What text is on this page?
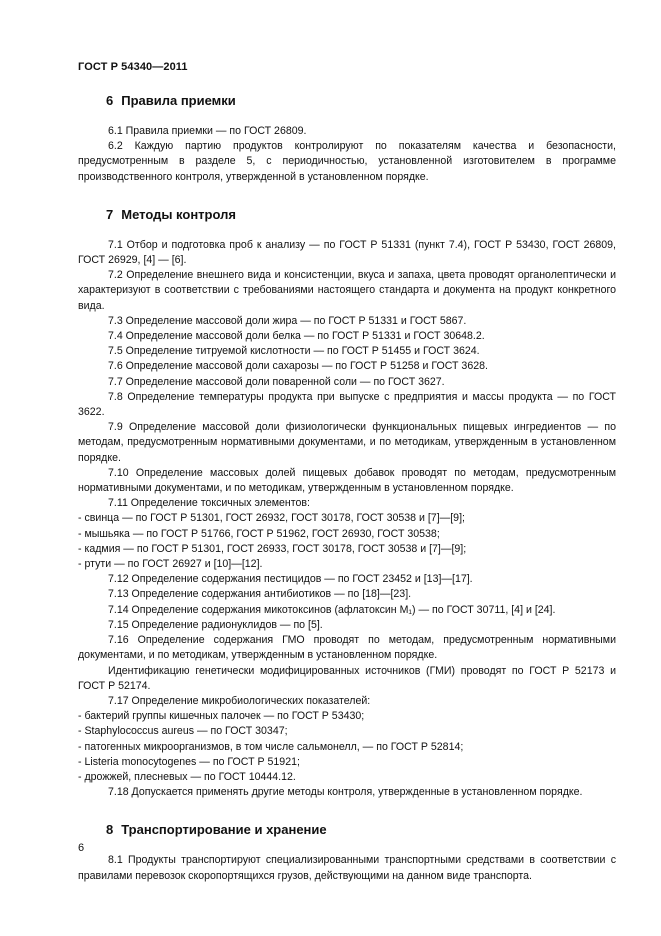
ГОСТ Р 54340—2011
6 Правила приемки

6.1 Правила приемки — по ГОСТ 26809.

6.2 Каждую партию продуктов контролируют по показателям качества и безопасности, предусмотренным в разделе 5, с периодичностью, установленной изготовителем в программе производственного контроля, утвержденной в установленном порядке.

7 Методы контроля

7.1 Отбор и подготовка проб к анализу — по ГОСТ Р 51331 (пункт 7.4), ГОСТ Р 53430, ГОСТ 26809, ГОСТ 26929, [4] — [6].

7.2 Определение внешнего вида и консистенции, вкуса и запаха, цвета проводят органолептически и характеризуют в соответствии с требованиями настоящего стандарта и документа на продукт конкретного вида.

7.3 Определение массовой доли жира — по ГОСТ Р 51331 и ГОСТ 5867.

7.4 Определение массовой доли белка — по ГОСТ Р 51331 и ГОСТ 30648.2.

7.5 Определение титруемой кислотности — по ГОСТ Р 51455 и ГОСТ 3624.

7.6 Определение массовой доли сахарозы — по ГОСТ Р 51258 и ГОСТ 3628.

7.7 Определение массовой доли поваренной соли — по ГОСТ 3627.

7.8 Определение температуры продукта при выпуске с предприятия и массы продукта — по ГОСТ 3622.

7.9 Определение массовой доли физиологически функциональных пищевых ингредиентов — по методам, предусмотренным нормативными документами, и по методикам, утвержденным в установленном порядке.

7.10 Определение массовых долей пищевых добавок проводят по методам, предусмотренным нормативными документами, и по методикам, утвержденным в установленном порядке.

7.11 Определение токсичных элементов:

- свинца — по ГОСТ Р 51301, ГОСТ 26932, ГОСТ 30178, ГОСТ 30538 и [7]—[9];

- мышьяка — по ГОСТ Р 51766, ГОСТ Р 51962, ГОСТ 26930, ГОСТ 30538;

- кадмия — по ГОСТ Р 51301, ГОСТ 26933, ГОСТ 30178, ГОСТ 30538 и [7]—[9];

- ртути — по ГОСТ 26927 и [10]—[12].

7.12 Определение содержания пестицидов — по ГОСТ 23452 и [13]—[17].

7.13 Определение содержания антибиотиков — по [18]—[23].

7.14 Определение содержания микотоксинов (афлатоксин M₁) — по ГОСТ 30711, [4] и [24].

7.15 Определение радионуклидов — по [5].

7.16 Определение содержания ГМО проводят по методам, предусмотренным нормативными документами, и по методикам, утвержденным в установленном порядке.

Идентификацию генетически модифицированных источников (ГМИ) проводят по ГОСТ Р 52173 и ГОСТ Р 52174.

7.17 Определение микробиологических показателей:

- бактерий группы кишечных палочек — по ГОСТ Р 53430;

- Staphylococcus aureus — по ГОСТ 30347;

- патогенных микроорганизмов, в том числе сальмонелл, — по ГОСТ Р 52814;

- Listeria monocytogenes — по ГОСТ Р 51921;

- дрожжей, плесневых — по ГОСТ 10444.12.

7.18 Допускается применять другие методы контроля, утвержденные в установленном порядке.

8 Транспортирование и хранение

8.1 Продукты транспортируют специализированными транспортными средствами в соответствии с правилами перевозок скоропортящихся грузов, действующими на данном виде транспорта.

6
